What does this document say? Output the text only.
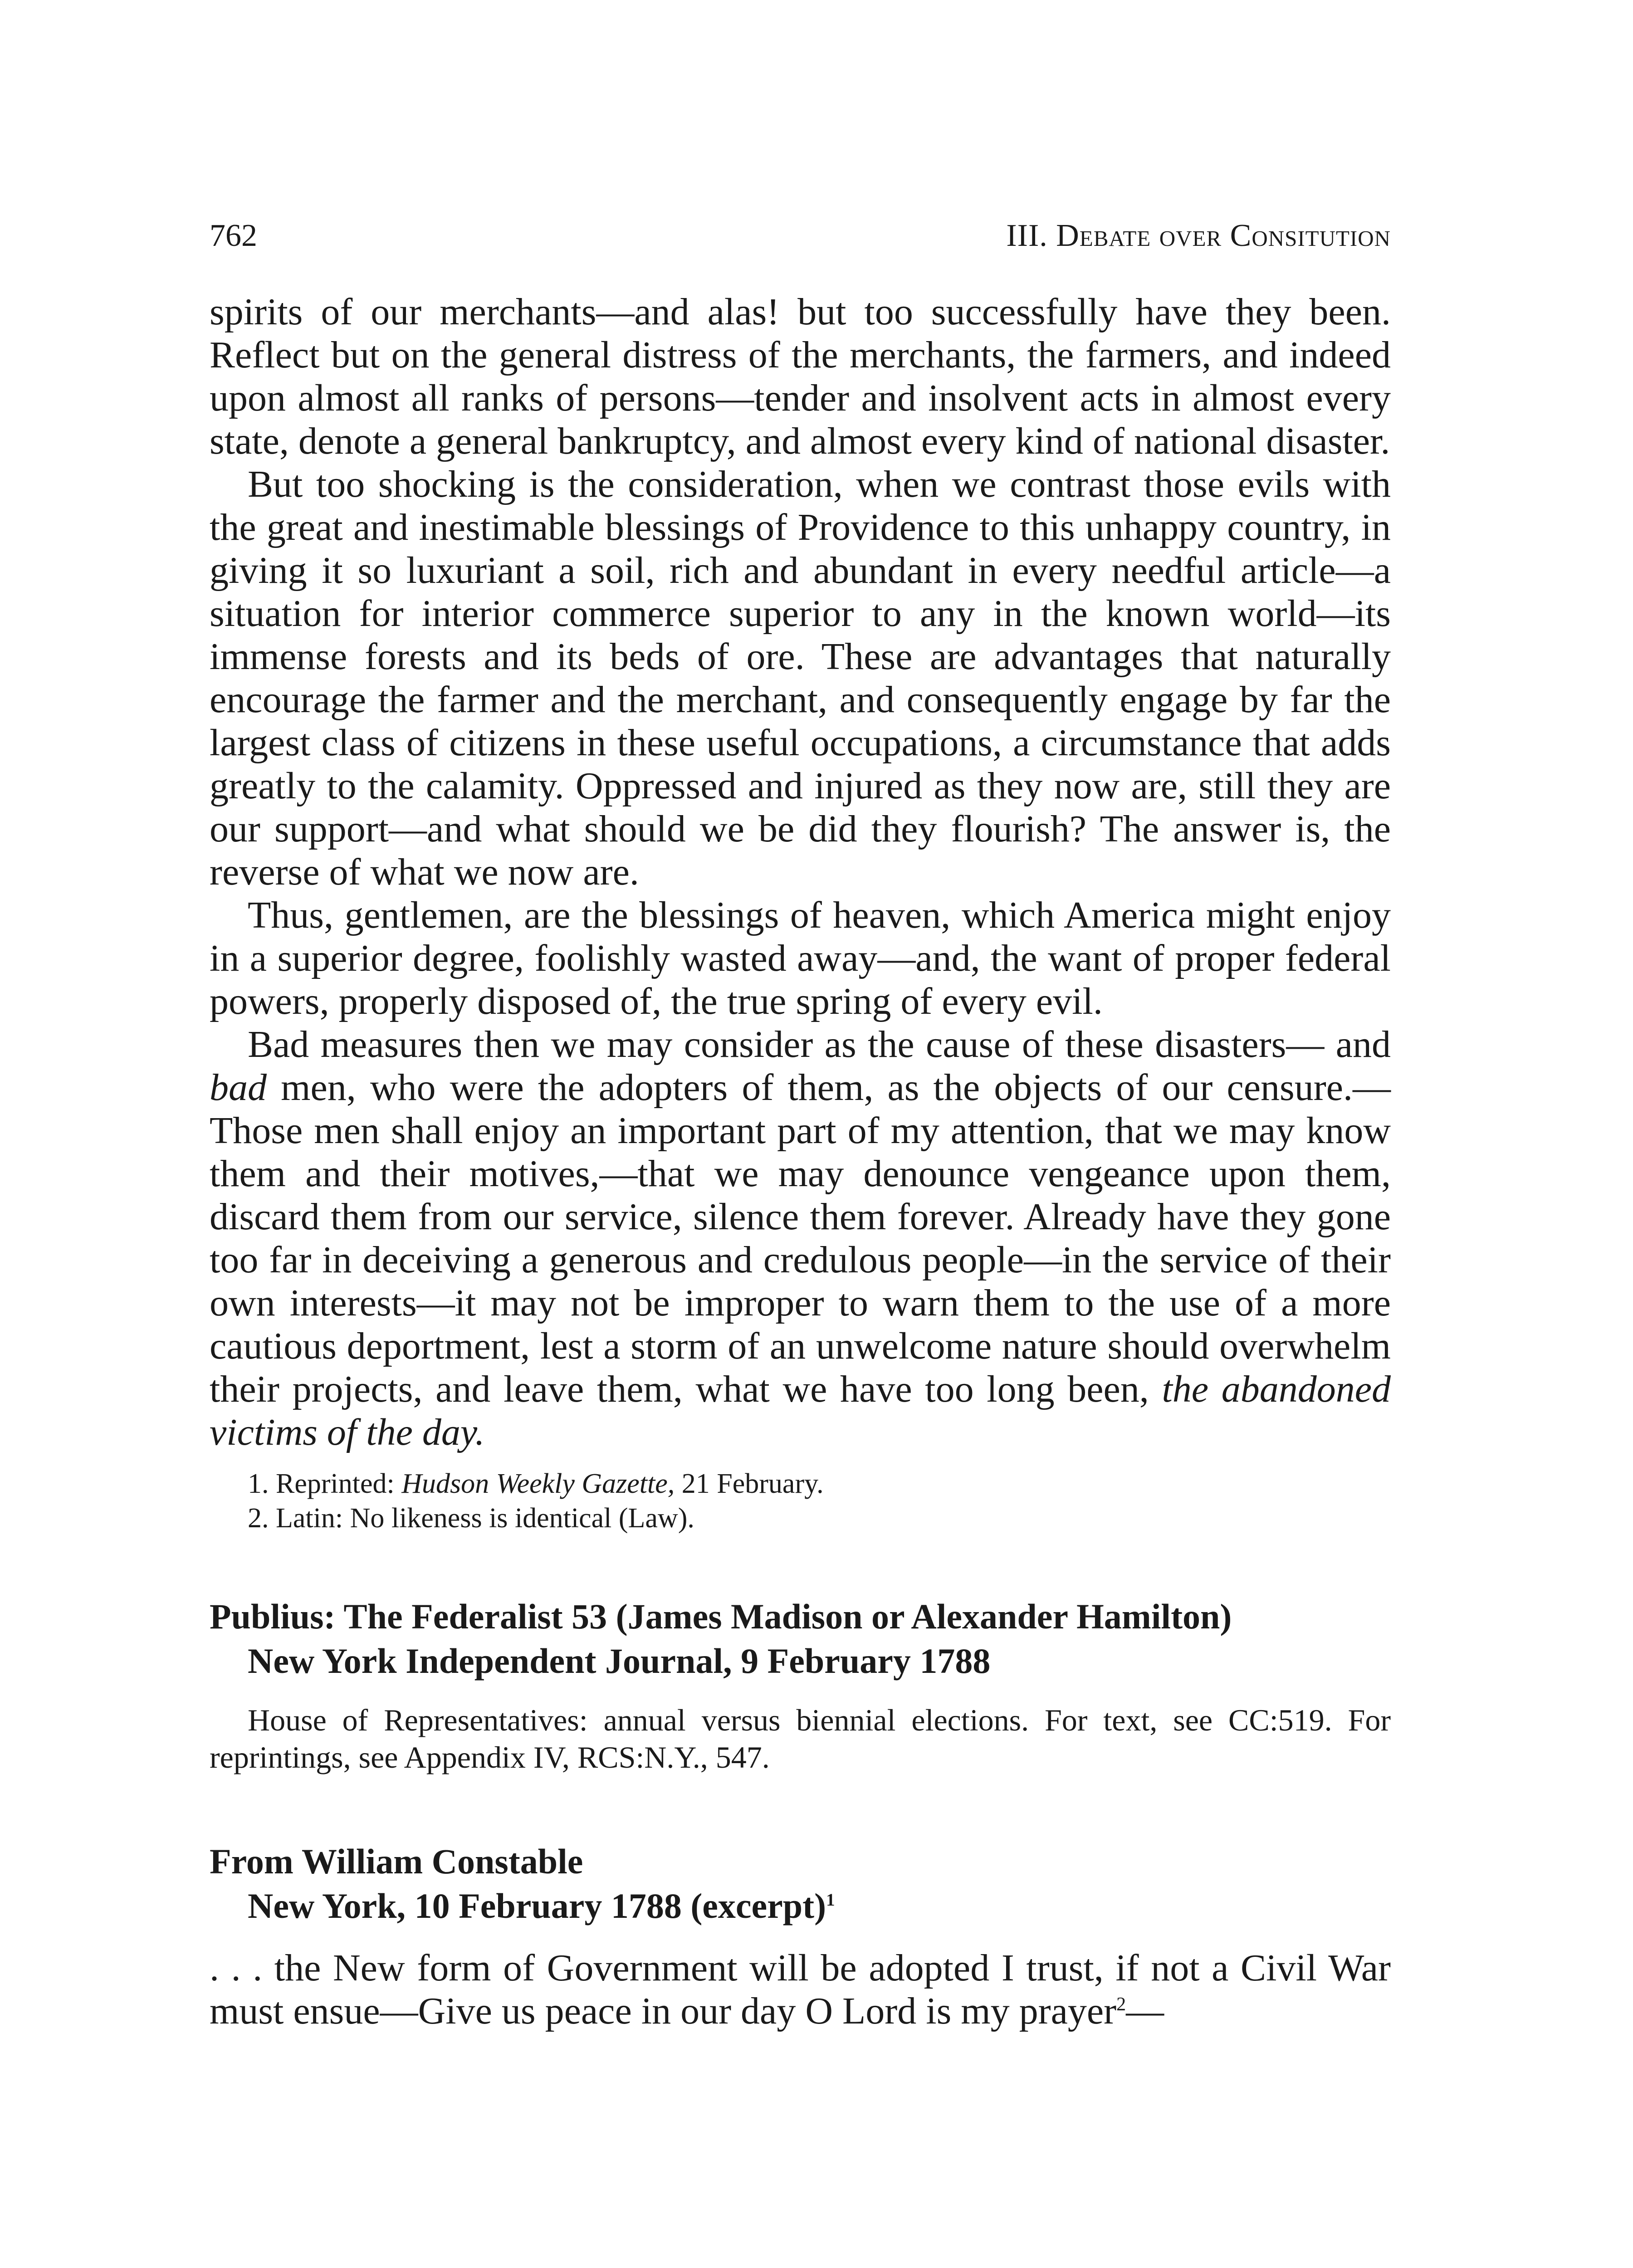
762	III. Debate over Consitution

spirits of our merchants—and alas! but too successfully have they been. Reflect but on the general distress of the merchants, the farmers, and indeed upon almost all ranks of persons—tender and insolvent acts in almost every state, denote a general bankruptcy, and almost every kind of national disaster.

But too shocking is the consideration, when we contrast those evils with the great and inestimable blessings of Providence to this unhappy country, in giving it so luxuriant a soil, rich and abundant in every needful article—a situation for interior commerce superior to any in the known world—its immense forests and its beds of ore. These are advantages that naturally encourage the farmer and the merchant, and consequently engage by far the largest class of citizens in these useful occupations, a circumstance that adds greatly to the calamity. Oppressed and injured as they now are, still they are our support—and what should we be did they flourish? The answer is, the reverse of what we now are.

Thus, gentlemen, are the blessings of heaven, which America might enjoy in a superior degree, foolishly wasted away—and, the want of proper federal powers, properly disposed of, the true spring of every evil.

Bad measures then we may consider as the cause of these disasters— and bad men, who were the adopters of them, as the objects of our censure.—Those men shall enjoy an important part of my attention, that we may know them and their motives,—that we may denounce vengeance upon them, discard them from our service, silence them forever. Already have they gone too far in deceiving a generous and credulous people—in the service of their own interests—it may not be improper to warn them to the use of a more cautious deportment, lest a storm of an unwelcome nature should overwhelm their projects, and leave them, what we have too long been, the abandoned victims of the day.

1. Reprinted: Hudson Weekly Gazette, 21 February.
2. Latin: No likeness is identical (Law).
Publius: The Federalist 53 (James Madison or Alexander Hamilton)
New York Independent Journal, 9 February 1788
House of Representatives: annual versus biennial elections. For text, see CC:519. For reprintings, see Appendix IV, RCS:N.Y., 547.
From William Constable
New York, 10 February 1788 (excerpt)$^1$
. . . the New form of Government will be adopted I trust, if not a Civil War must ensue—Give us peace in our day O Lord is my prayer$^2$—
